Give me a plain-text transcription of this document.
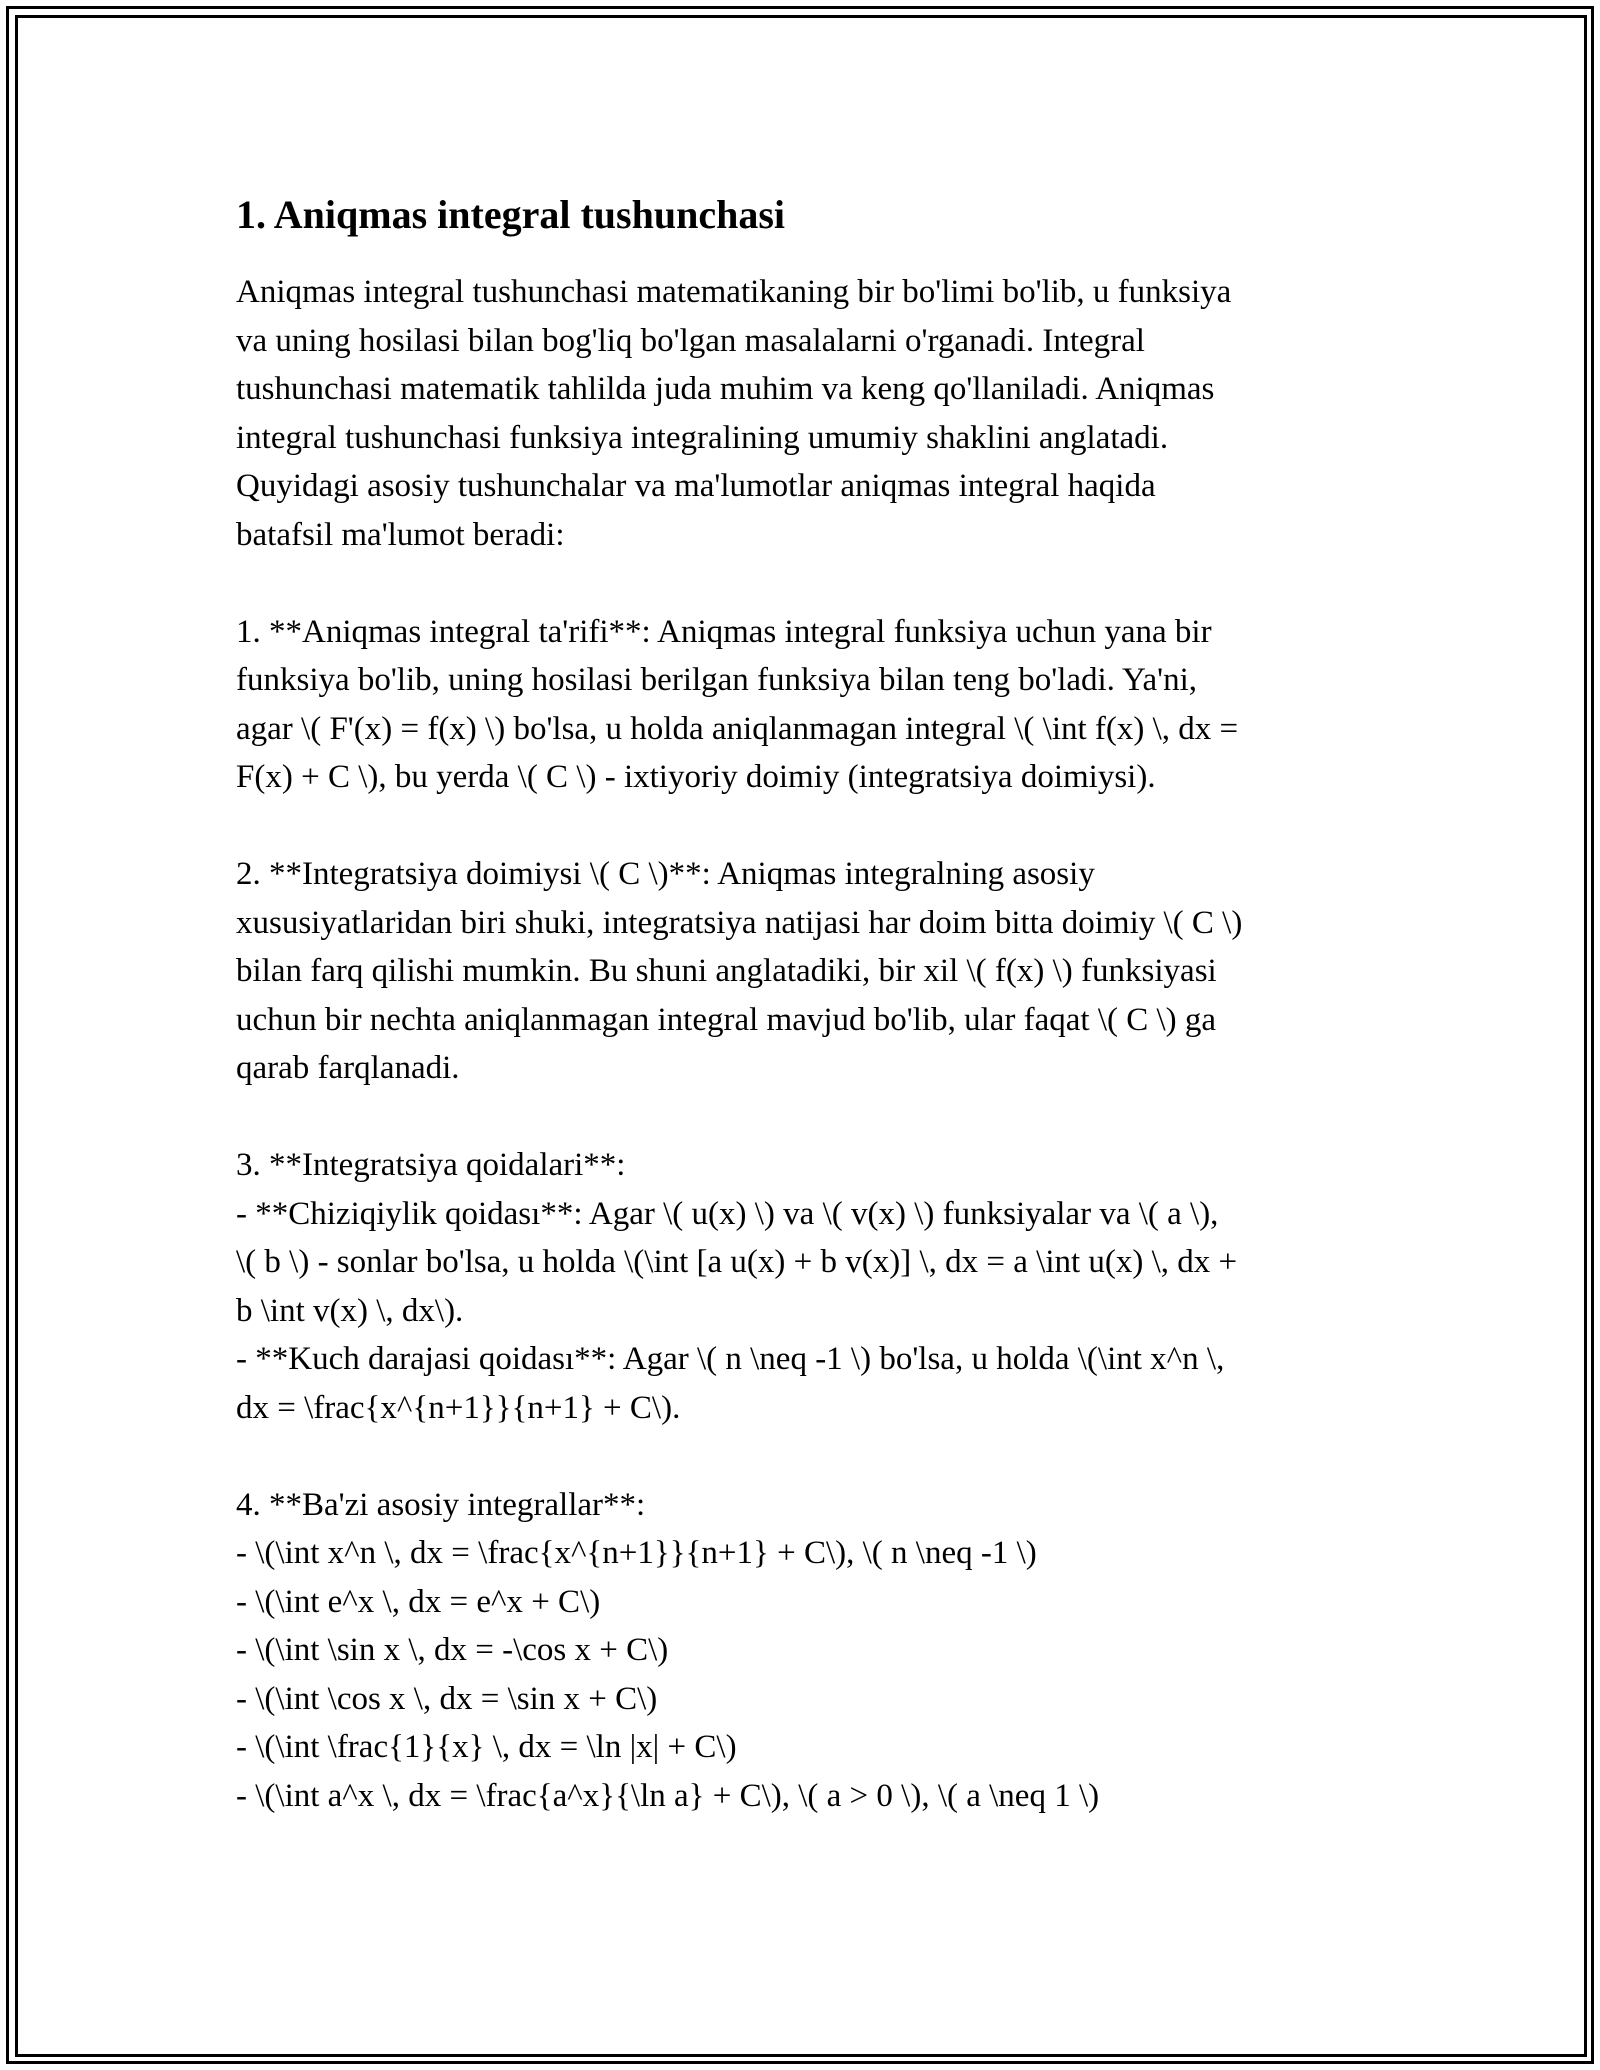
1. Aniqmas integral tushunchasi

Aniqmas integral tushunchasi matematikaning bir bo'limi bo'lib, u funksiya
va uning hosilasi bilan bog'liq bo'lgan masalalarni o'rganadi. Integral
tushunchasi matematik tahlilda juda muhim va keng qo'llaniladi. Aniqmas
integral tushunchasi funksiya integralining umumiy shaklini anglatadi.
Quyidagi asosiy tushunchalar va ma'lumotlar aniqmas integral haqida
batafsil ma'lumot beradi:

1. **Aniqmas integral ta'rifi**: Aniqmas integral funksiya uchun yana bir
funksiya bo'lib, uning hosilasi berilgan funksiya bilan teng bo'ladi. Ya'ni,
agar \( F'(x) = f(x) \) bo'lsa, u holda aniqlanmagan integral \( \int f(x) \, dx =
F(x) + C \), bu yerda \( C \) - ixtiyoriy doimiy (integratsiya doimiysi).

2. **Integratsiya doimiysi \( C \)**: Aniqmas integralning asosiy
xususiyatlaridan biri shuki, integratsiya natijasi har doim bitta doimiy \( C \)
bilan farq qilishi mumkin. Bu shuni anglatadiki, bir xil \( f(x) \) funksiyasi
uchun bir nechta aniqlanmagan integral mavjud bo'lib, ular faqat \( C \) ga
qarab farqlanadi.

3. **Integratsiya qoidalari**:
- **Chiziqiylik qoidası**: Agar \( u(x) \) va \( v(x) \) funksiyalar va \( a \),
\( b \) - sonlar bo'lsa, u holda \(\int [a u(x) + b v(x)] \, dx = a \int u(x) \, dx +
b \int v(x) \, dx\).
- **Kuch darajasi qoidası**: Agar \( n \neq -1 \) bo'lsa, u holda \(\int x^n \,
dx = \frac{x^{n+1}}{n+1} + C\).

4. **Ba'zi asosiy integrallar**:
- \(\int x^n \, dx = \frac{x^{n+1}}{n+1} + C\), \( n \neq -1 \)
- \(\int e^x \, dx = e^x + C\)
- \(\int \sin x \, dx = -\cos x + C\)
- \(\int \cos x \, dx = \sin x + C\)
- \(\int \frac{1}{x} \, dx = \ln |x| + C\)
- \(\int a^x \, dx = \frac{a^x}{\ln a} + C\), \( a > 0 \), \( a \neq 1 \)
